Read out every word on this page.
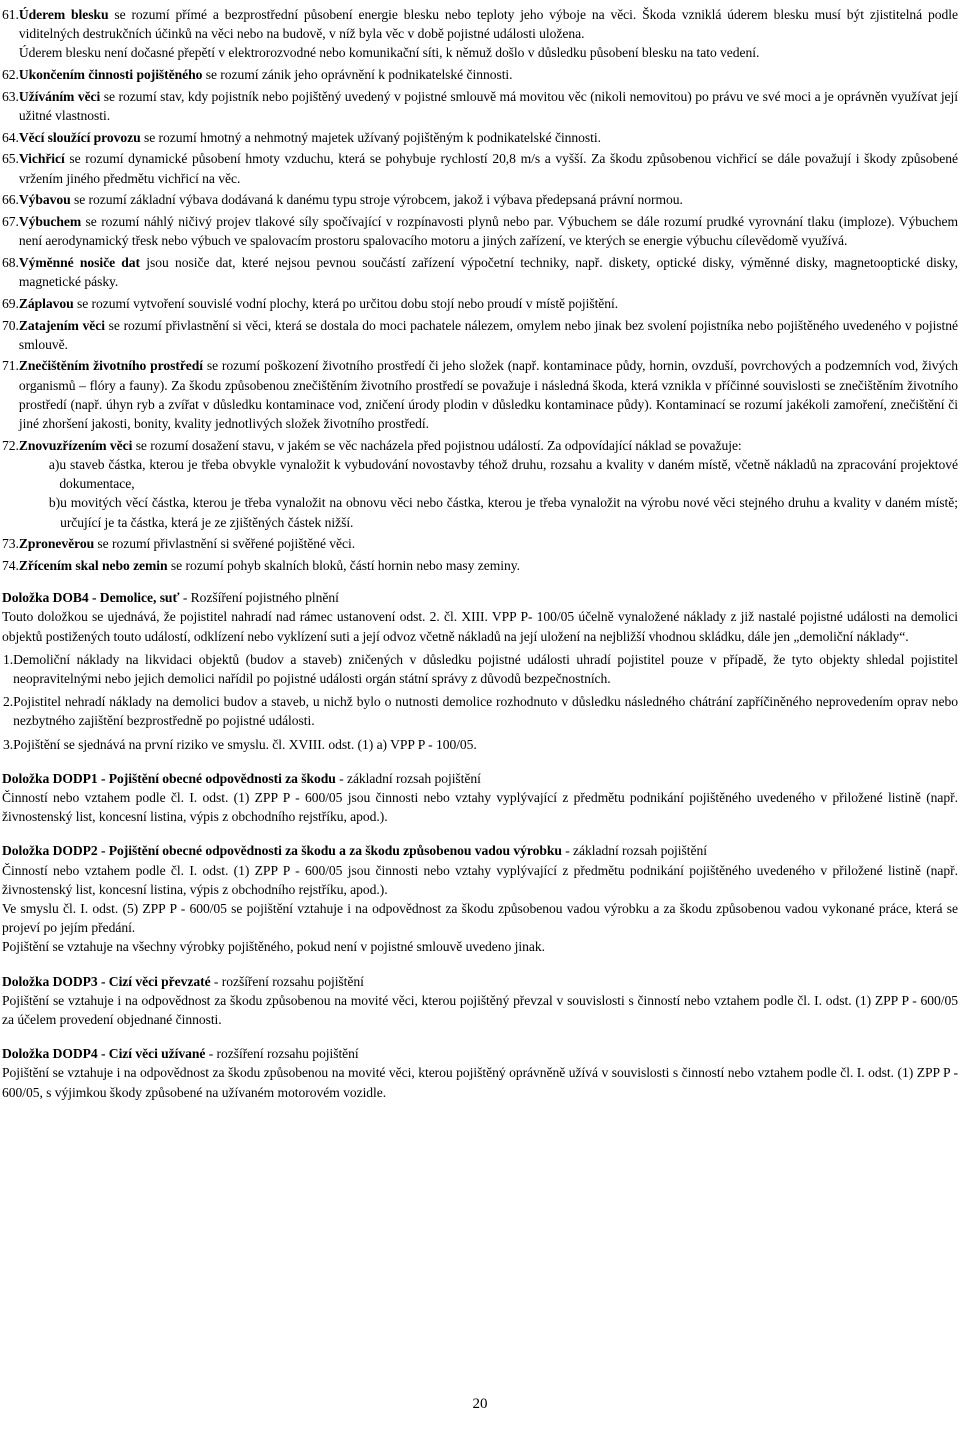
61. Úderem blesku se rozumí přímé a bezprostřední působení energie blesku nebo teploty jeho výboje na věci. Škoda vzniklá úderem blesku musí být zjistitelná podle viditelných destrukčních účinků na věci nebo na budově, v níž byla věc v době pojistné události uložena.

Úderem blesku není dočasné přepětí v elektrorozvodné nebo komunikační síti, k němuž došlo v důsledku působení blesku na tato vedení.

62. Ukončením činnosti pojištěného se rozumí zánik jeho oprávnění k podnikatelské činnosti.

63. Užíváním věci se rozumí stav, kdy pojistník nebo pojištěný uvedený v pojistné smlouvě má movitou věc (nikoli nemovitou) po právu ve své moci a je oprávněn využívat její užitné vlastnosti.

64. Věcí sloužící provozu se rozumí hmotný a nehmotný majetek užívaný pojištěným k podnikatelské činnosti.

65. Vichřicí se rozumí dynamické působení hmoty vzduchu, která se pohybuje rychlostí 20,8 m/s a vyšší. Za škodu způsobenou vichřicí se dále považují i škody způsobené vržením jiného předmětu vichřicí na věc.

66. Výbavou se rozumí základní výbava dodávaná k danému typu stroje výrobcem, jakož i výbava předepsaná právní normou.

67. Výbuchem se rozumí náhlý ničivý projev tlakové síly spočívající v rozpínavosti plynů nebo par. Výbuchem se dále rozumí prudké vyrovnání tlaku (imploze). Výbuchem není aerodynamický třesk nebo výbuch ve spalovacím prostoru spalovacího motoru a jiných zařízení, ve kterých se energie výbuchu cílevědomě využívá.

68. Výměnné nosiče dat jsou nosiče dat, které nejsou pevnou součástí zařízení výpočetní techniky, např. diskety, optické disky, výměnné disky, magnetooptické disky, magnetické pásky.

69. Záplavou se rozumí vytvoření souvislé vodní plochy, která po určitou dobu stojí nebo proudí v místě pojištění.

70. Zatajením věci se rozumí přivlastnění si věci, která se dostala do moci pachatele nálezem, omylem nebo jinak bez svolení pojistníka nebo pojištěného uvedeného v pojistné smlouvě.

71. Znečištěním životního prostředí se rozumí poškození životního prostředí či jeho složek (např. kontaminace půdy, hornin, ovzduší, povrchových a podzemních vod, živých organismů – flóry a fauny). Za škodu způsobenou znečištěním životního prostředí se považuje i následná škoda, která vznikla v příčinné souvislosti se znečištěním životního prostředí (např. úhyn ryb a zvířat v důsledku kontaminace vod, zničení úrody plodin v důsledku kontaminace půdy). Kontaminací se rozumí jakékoli zamoření, znečištění či jiné zhoršení jakosti, bonity, kvality jednotlivých složek životního prostředí.

72. Znovuzřízením věci se rozumí dosažení stavu, v jakém se věc nacházela před pojistnou událostí. Za odpovídající náklad se považuje:

a) u staveb částka, kterou je třeba obvykle vynaložit k vybudování novostavby téhož druhu, rozsahu a kvality v daném místě, včetně nákladů na zpracování projektové dokumentace,
b) u movitých věcí částka, kterou je třeba vynaložit na obnovu věci nebo částka, kterou je třeba vynaložit na výrobu nové věci stejného druhu a kvality v daném místě; určující je ta částka, která je ze zjištěných částek nižší.
73. Zpronevěrou se rozumí přivlastnění si svěřené pojištěné věci.

74. Zřícením skal nebo zemin se rozumí pohyb skalních bloků, částí hornin nebo masy zeminy.

Doložka DOB4 - Demolice, suť - Rozšíření pojistného plnění

Touto doložkou se ujednává, že pojistitel nahradí nad rámec ustanovení odst. 2. čl. XIII. VPP P- 100/05 účelně vynaložené náklady z již nastalé pojistné události na demolici objektů postižených touto událostí, odklízení nebo vyklízení suti a její odvoz včetně nákladů na její uložení na nejbližší vhodnou skládku, dále jen „demoliční náklady“.

1. Demoliční náklady na likvidaci objektů (budov a staveb) zničených v důsledku pojistné události uhradí pojistitel pouze v případě, že tyto objekty shledal pojistitel neopravitelnými nebo jejich demolici nařídil po pojistné události orgán státní správy z důvodů bezpečnostních.
2. Pojistitel nehradí náklady na demolici budov a staveb, u nichž bylo o nutnosti demolice rozhodnuto v důsledku následného chátrání zapříčiněného neprovedením oprav nebo nezbytného zajištění bezprostředně po pojistné události.
3. Pojištění se sjednává na první riziko ve smyslu. čl. XVIII. odst. (1) a) VPP P - 100/05.

Doložka DODP1 - Pojištění obecné odpovědnosti za škodu - základní rozsah pojištění

Činností nebo vztahem podle čl. I. odst. (1) ZPP P - 600/05 jsou činnosti nebo vztahy vyplývající z předmětu podnikání pojištěného uvedeného v přiložené listině (např. živnostenský list, koncesní listina, výpis z obchodního rejstříku, apod.).

Doložka DODP2 - Pojištění obecné odpovědnosti za škodu a za škodu způsobenou vadou výrobku - základní rozsah pojištění

Činností nebo vztahem podle čl. I. odst. (1) ZPP P - 600/05 jsou činnosti nebo vztahy vyplývající z předmětu podnikání pojištěného uvedeného v přiložené listině (např. živnostenský list, koncesní listina, výpis z obchodního rejstříku, apod.).

Ve smyslu čl. I. odst. (5) ZPP P - 600/05 se pojištění vztahuje i na odpovědnost za škodu způsobenou vadou výrobku a za škodu způsobenou vadou vykonané práce, která se projeví po jejím předání.

Pojištění se vztahuje na všechny výrobky pojištěného, pokud není v pojistné smlouvě uvedeno jinak.

Doložka DODP3 - Cizí věci převzaté - rozšíření rozsahu pojištění

Pojištění se vztahuje i na odpovědnost za škodu způsobenou na movité věci, kterou pojištěný převzal v souvislosti s činností nebo vztahem podle čl. I. odst. (1) ZPP P - 600/05 za účelem provedení objednané činnosti.

Doložka DODP4 - Cizí věci užívané - rozšíření rozsahu pojištění

Pojištění se vztahuje i na odpovědnost za škodu způsobenou na movité věci, kterou pojištěný oprávněně užívá v souvislosti s činností nebo vztahem podle čl. I. odst. (1) ZPP P - 600/05, s výjimkou škody způsobené na užívaném motorovém vozidle.

20
